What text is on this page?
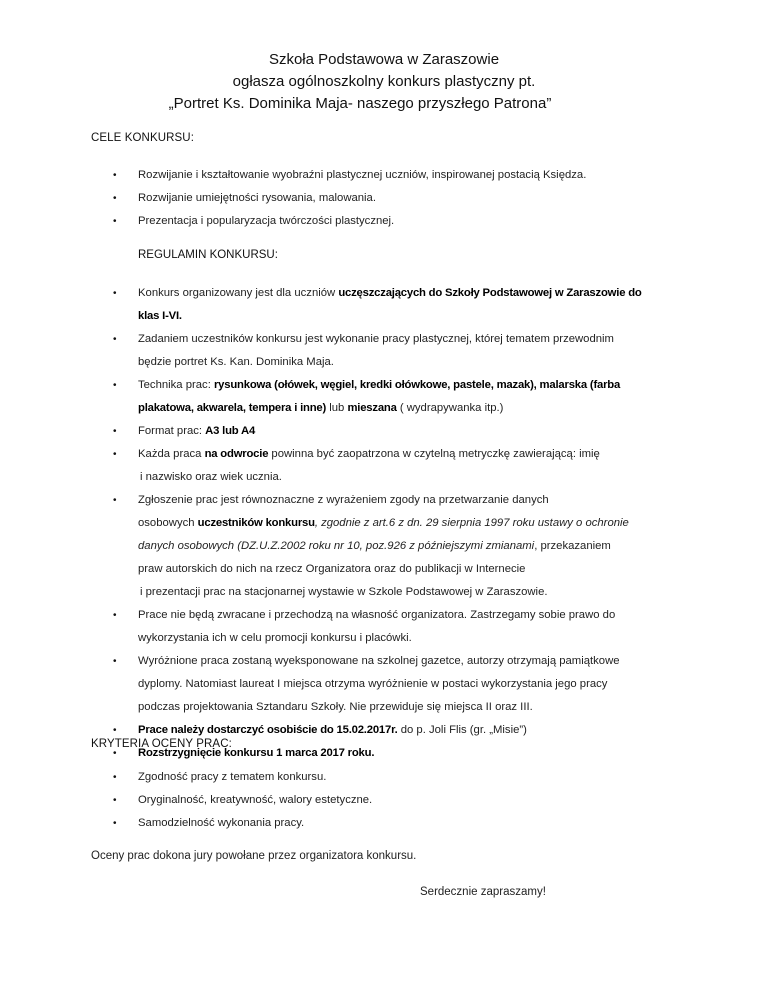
Szkoła Podstawowa w Zaraszowie
ogłasza ogólnoszkolny konkurs plastyczny pt.
„Portret Ks. Dominika Maja- naszego przyszłego Patrona”
CELE KONKURSU:
• Rozwijanie i kształtowanie wyobraźni plastycznej uczniów, inspirowanej postacią Księdza.
• Rozwijanie umiejętności rysowania, malowania.
• Prezentacja i popularyzacja twórczości plastycznej.
REGULAMIN KONKURSU:
• Konkurs organizowany jest dla uczniów uczęszczających do Szkoły Podstawowej w Zaraszowie do
klas I-VI.
• Zadaniem uczestników konkursu jest wykonanie pracy plastycznej, której tematem przewodnim
będzie portret Ks. Kan. Dominika Maja.
• Technika prac: rysunkowa (ołówek, węgiel, kredki ołówkowe, pastele, mazak), malarska (farba
plakatowa, akwarela, tempera i inne) lub mieszana ( wydrapywanka itp.)
• Format prac: A3 lub A4
• Każda praca na odwrocie powinna być zaopatrzona w czytelną metryczkę zawierającą: imię
i nazwisko oraz wiek ucznia.
• Zgłoszenie prac jest równoznaczne z wyrażeniem zgody na przetwarzanie danych
osobowych uczestników konkursu, zgodnie z art.6 z dn. 29 sierpnia 1997 roku ustawy o ochronie
danych osobowych (DZ.U.Z.2002 roku nr 10, poz.926 z późniejszymi zmianami, przekazaniem
praw autorskich do nich na rzecz Organizatora oraz do publikacji w Internecie
i prezentacji prac na stacjonarnej wystawie w Szkole Podstawowej w Zaraszowie.
• Prace nie będą zwracane i przechodzą na własność organizatora. Zastrzegamy sobie prawo do
wykorzystania ich w celu promocji konkursu i placówki.
• Wyróżnione praca zostaną wyeksponowane na szkolnej gazetce, autorzy otrzymają pamiątkowe
dyplomy. Natomiast laureat I miejsca otrzyma wyróżnienie w postaci wykorzystania jego pracy
podczas projektowania Sztandaru Szkoły. Nie przewiduje się miejsca II oraz III.
• Prace należy dostarczyć osobiście do 15.02.2017r. do p. Joli Flis (gr. „Misie”)
• Rozstrzygnięcie konkursu 1 marca 2017 roku.
KRYTERIA OCENY PRAC:
• Zgodność pracy z tematem konkursu.
• Oryginalność, kreatywność, walory estetyczne.
• Samodzielność wykonania pracy.
Oceny prac dokona jury powołane przez organizatora konkursu.
Serdecznie zapraszamy!
